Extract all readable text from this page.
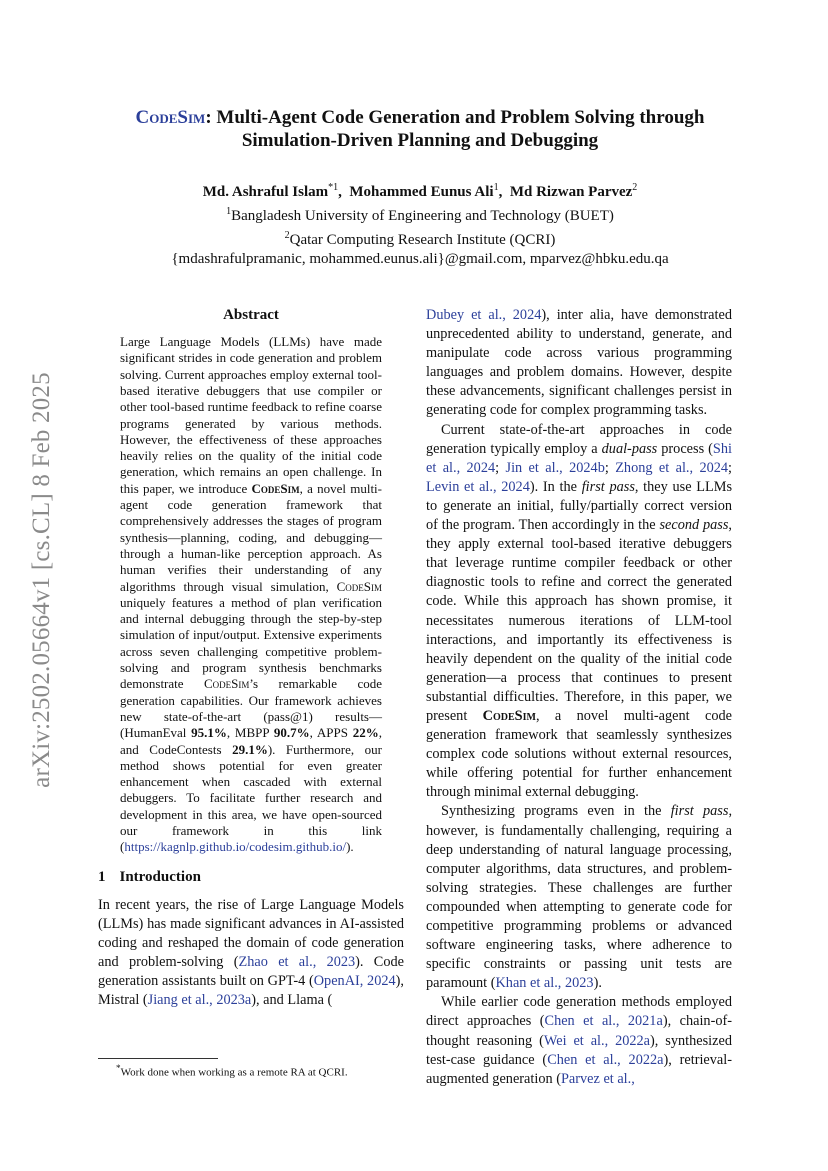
arXiv:2502.05664v1 [cs.CL] 8 Feb 2025
CodeSim: Multi-Agent Code Generation and Problem Solving through
Simulation-Driven Planning and Debugging

Md. Ashraful Islam$^{*1}$,  Mohammed Eunus Ali$^1$,  Md Rizwan Parvez$^2$

$^1$Bangladesh University of Engineering and Technology (BUET)

$^2$Qatar Computing Research Institute (QCRI)

{mdashrafulpramanic, mohammed.eunus.ali}@gmail.com, mparvez@hbku.edu.qa

Abstract
Large Language Models (LLMs) have made significant strides in code generation and problem solving. Current approaches employ external tool-based iterative debuggers that use compiler or other tool-based runtime feedback to refine coarse programs generated by various methods. However, the effectiveness of these approaches heavily relies on the quality of the initial code generation, which remains an open challenge. In this paper, we introduce CodeSim, a novel multi-agent code generation framework that comprehensively addresses the stages of program synthesis—planning, coding, and debugging—through a human-like perception approach. As human verifies their understanding of any algorithms through visual simulation, CodeSim uniquely features a method of plan verification and internal debugging through the step-by-step simulation of input/output. Extensive experiments across seven challenging competitive problem-solving and program synthesis benchmarks demonstrate CodeSim’s remarkable code generation capabilities. Our framework achieves new state-of-the-art (pass@1) results—(HumanEval 95.1%, MBPP 90.7%, APPS 22%, and CodeContests 29.1%). Furthermore, our method shows potential for even greater enhancement when cascaded with external debuggers. To facilitate further research and development in this area, we have open-sourced our framework in this link (https://kagnlp.github.io/codesim.github.io/).
1 Introduction

In recent years, the rise of Large Language Models (LLMs) has made significant advances in AI-assisted coding and reshaped the domain of code generation and problem-solving (Zhao et al., 2023). Code generation assistants built on GPT-4 (OpenAI, 2024), Mistral (Jiang et al., 2023a), and Llama (

Dubey et al., 2024), inter alia, have demonstrated unprecedented ability to understand, generate, and manipulate code across various programming languages and problem domains. However, despite these advancements, significant challenges persist in generating code for complex programming tasks.

Current state-of-the-art approaches in code generation typically employ a dual-pass process (Shi et al., 2024; Jin et al., 2024b; Zhong et al., 2024; Levin et al., 2024). In the first pass, they use LLMs to generate an initial, fully/partially correct version of the program. Then accordingly in the second pass, they apply external tool-based iterative debuggers that leverage runtime compiler feedback or other diagnostic tools to refine and correct the generated code. While this approach has shown promise, it necessitates numerous iterations of LLM-tool interactions, and importantly its effectiveness is heavily dependent on the quality of the initial code generation—a process that continues to present substantial difficulties. Therefore, in this paper, we present CodeSim, a novel multi-agent code generation framework that seamlessly synthesizes complex code solutions without external resources, while offering potential for further enhancement through minimal external debugging.

Synthesizing programs even in the first pass, however, is fundamentally challenging, requiring a deep understanding of natural language processing, computer algorithms, data structures, and problem-solving strategies. These challenges are further compounded when attempting to generate code for competitive programming problems or advanced software engineering tasks, where adherence to specific constraints or passing unit tests are paramount (Khan et al., 2023).

While earlier code generation methods employed direct approaches (Chen et al., 2021a), chain-of-thought reasoning (Wei et al., 2022a), synthesized test-case guidance (Chen et al., 2022a), retrieval-augmented generation (Parvez et al.,

*Work done when working as a remote RA at QCRI.
